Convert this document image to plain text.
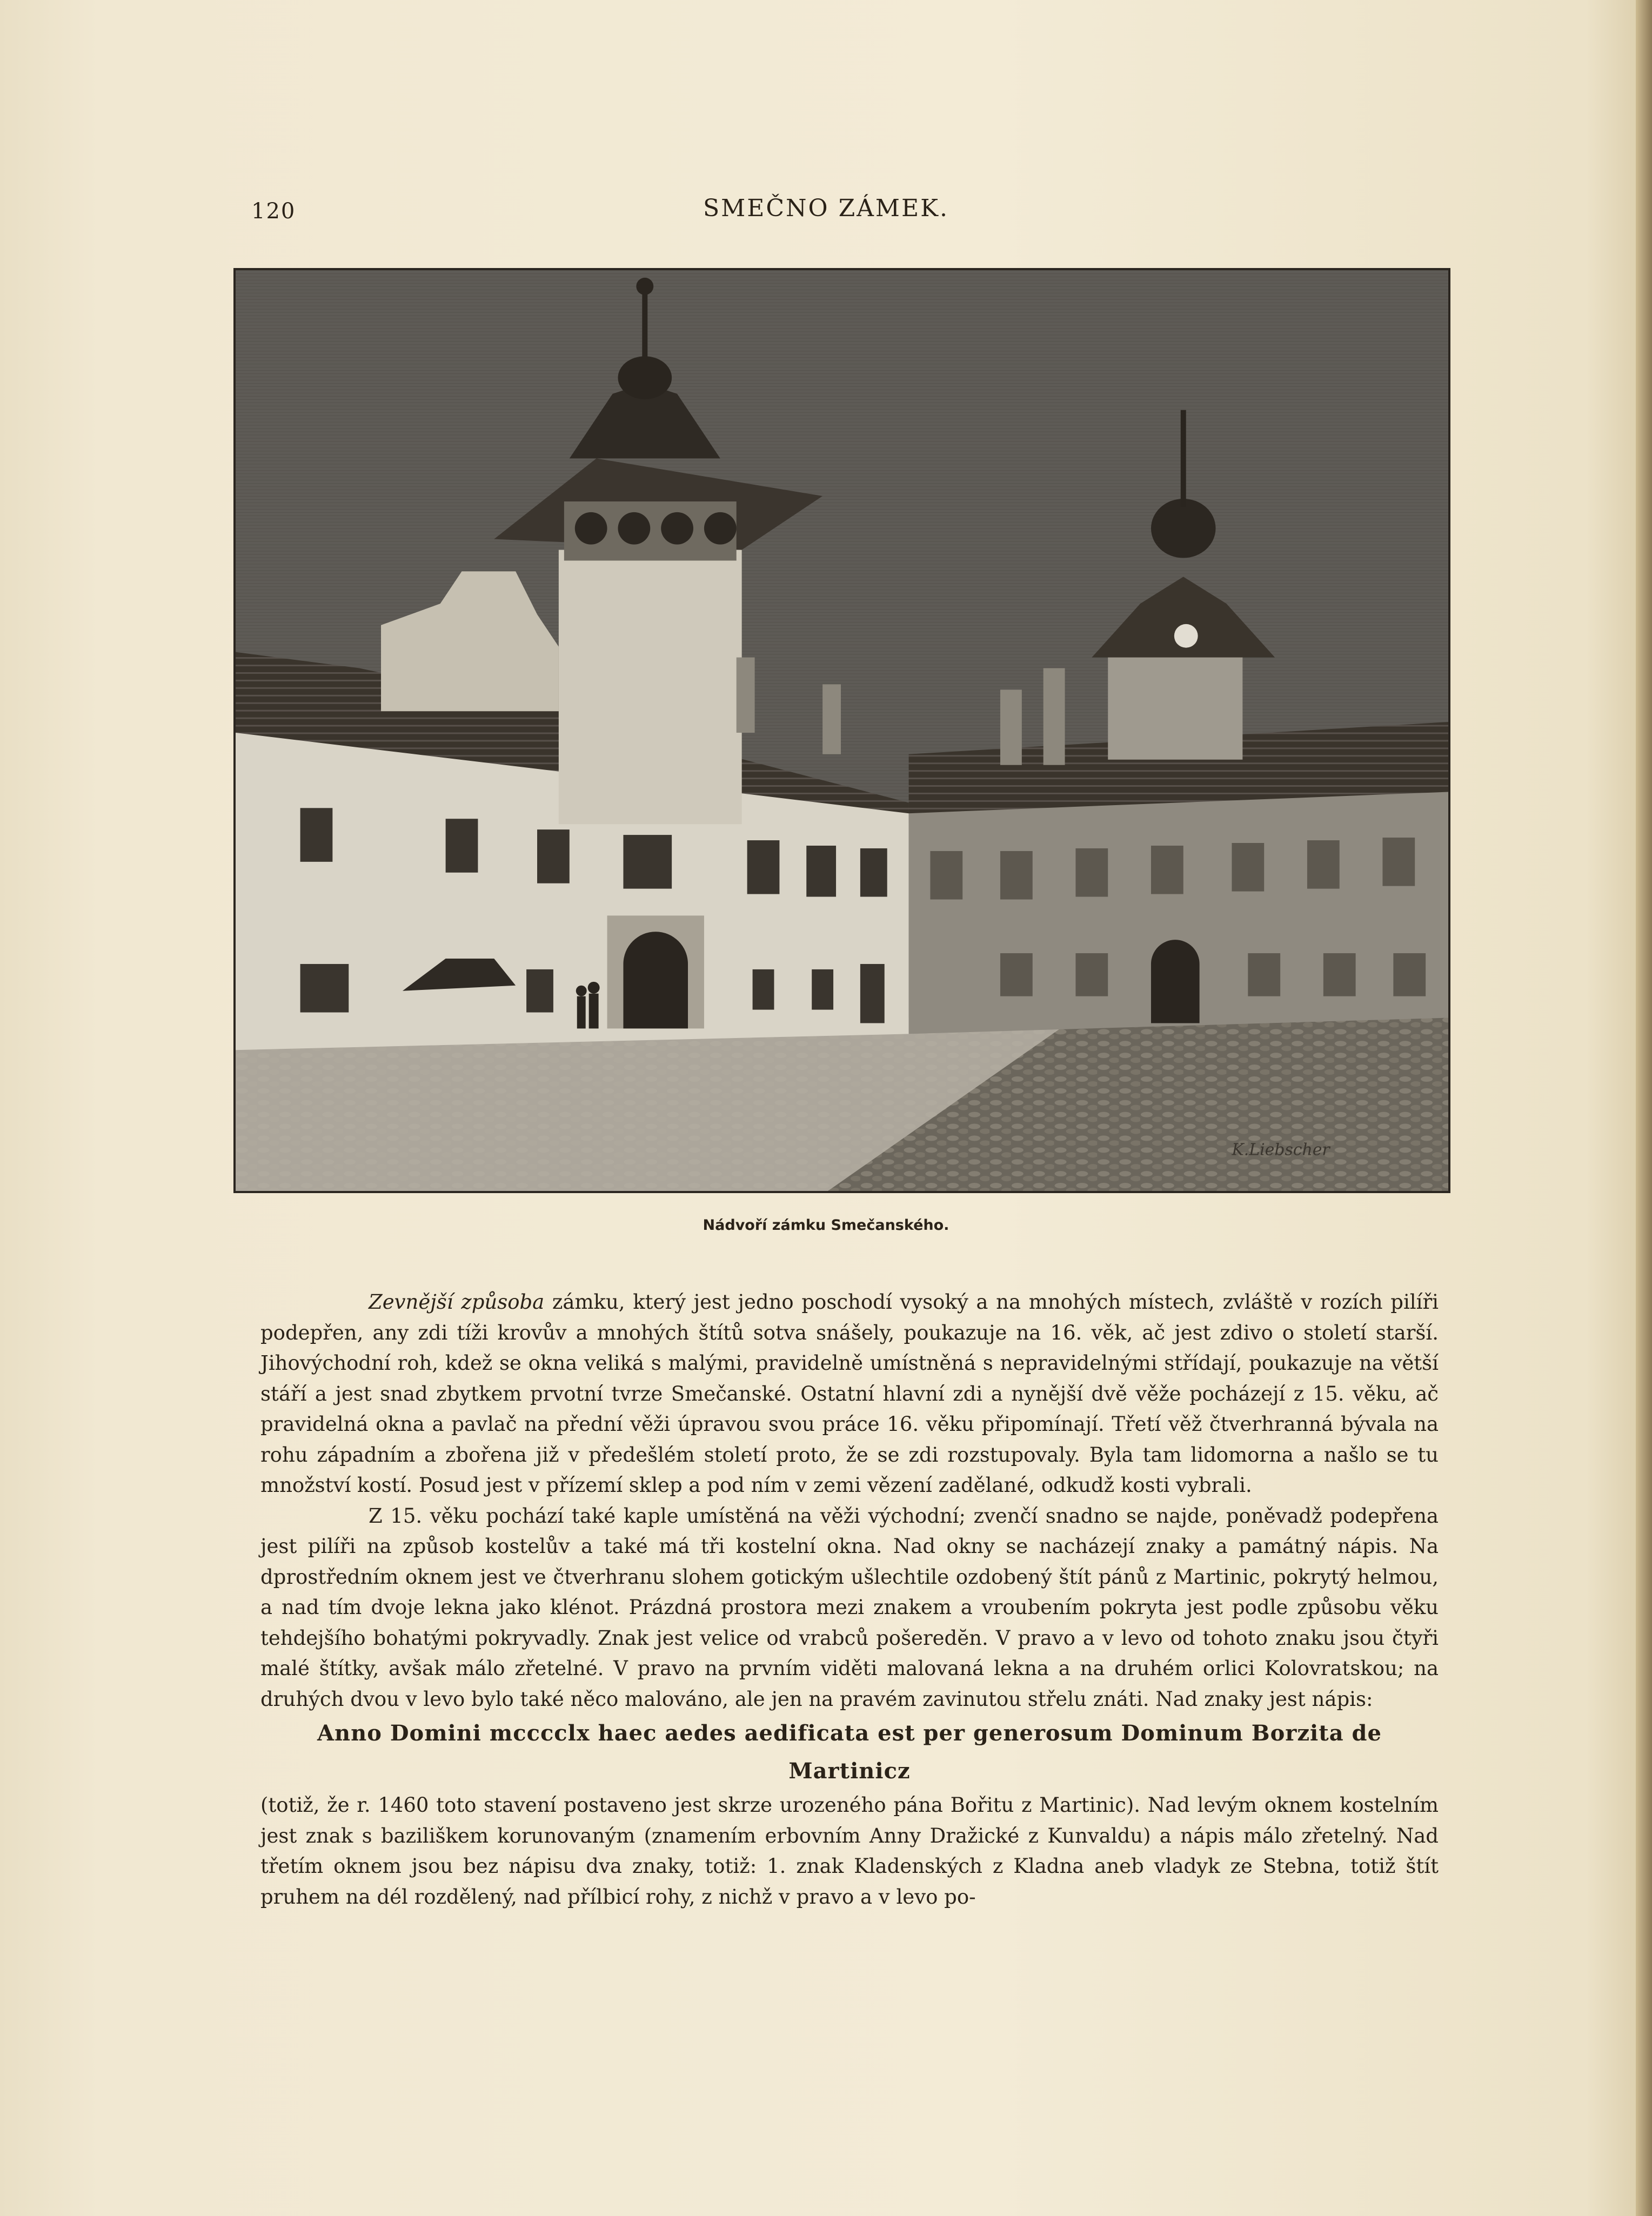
120	SMEČNO ZÁMEK.
K.Liebscher
Nádvoří zámku Smečanského.

Zevnější způsoba zámku, který jest jedno poschodí vysoký a na mnohých místech, zvláště v rozích pilíři podepřen, any zdi tíži krovův a mnohých štítů sotva snášely, poukazuje na 16. věk, ač jest zdivo o století starší. Jihovýchodní roh, kdež se okna veliká s malými, pravidelně umístněná s nepravidelnými střídají, poukazuje na větší stáří a jest snad zbytkem prvotní tvrze Smečanské. Ostatní hlavní zdi a nynější dvě věže pocházejí z 15. věku, ač pravidelná okna a pavlač na přední věži úpravou svou práce 16. věku připomínají. Třetí věž čtverhranná bývala na rohu západním a zbořena již v předešlém století proto, že se zdi rozstupovaly. Byla tam lidomorna a našlo se tu množství kostí. Posud jest v přízemí sklep a pod ním v zemi vězení zadělané, odkudž kosti vybrali.

Z 15. věku pochází také kaple umístěná na věži východní; zvenčí snadno se najde, poněvadž podepřena jest pilíři na způsob kostelův a také má tři kostelní okna. Nad okny se nacházejí znaky a památný nápis. Na dprostředním oknem jest ve čtverhranu slohem gotickým ušlechtile ozdobený štít pánů z Martinic, pokrytý helmou, a nad tím dvoje lekna jako klénot. Prázdná prostora mezi znakem a vroubením pokryta jest podle způsobu věku tehdejšího bohatými pokryvadly. Znak jest velice od vrabců pošeredĕn. V pravo a v levo od tohoto znaku jsou čtyři malé štítky, avšak málo zřetelné. V pravo na prvním viděti malovaná lekna a na druhém orlici Kolovratskou; na druhých dvou v levo bylo také něco malováno, ale jen na pravém zavinutou střelu znáti. Nad znaky jest nápis:

Anno Domini mcccclx haec aedes aedificata est per generosum Dominum Borzita de Martinicz

(totiž, že r. 1460 toto stavení postaveno jest skrze urozeného pána Bořitu z Martinic). Nad levým oknem kostelním jest znak s baziliškem korunovaným (znamením erbovním Anny Dražické z Kunvaldu) a nápis málo zřetelný. Nad třetím oknem jsou bez nápisu dva znaky, totiž: 1. znak Kladenských z Kladna aneb vladyk ze Stebna, totiž štít pruhem na dél rozdělený, nad přílbicí rohy, z nichž v pravo a v levo po-
